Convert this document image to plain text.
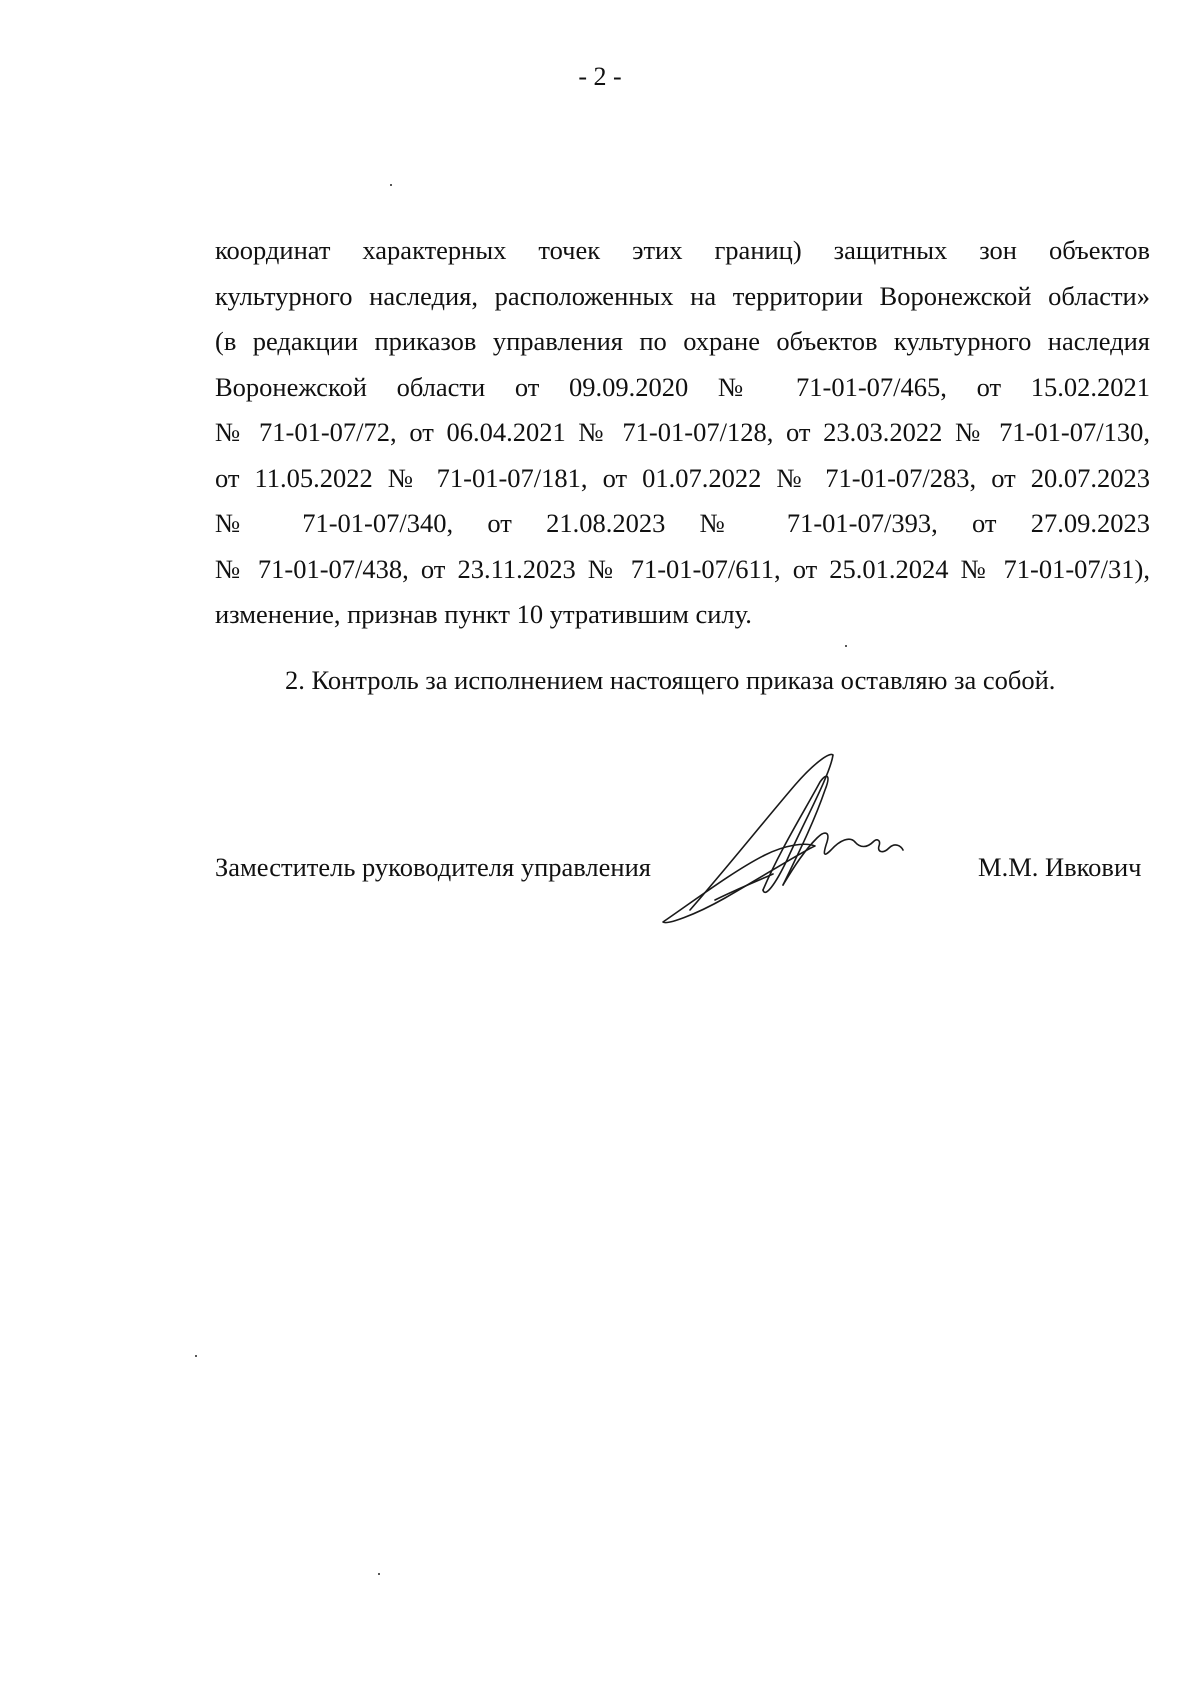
- 2 -
координат характерных точек этих границ) защитных зон объектов
культурного наследия, расположенных на территории Воронежской области»
(в редакции приказов управления по охране объектов культурного наследия
Воронежской области от 09.09.2020 № 71-01-07/465, от 15.02.2021
№ 71-01-07/72, от 06.04.2021 № 71-01-07/128, от 23.03.2022 № 71-01-07/130,
от 11.05.2022 № 71-01-07/181, от 01.07.2022 № 71-01-07/283, от 20.07.2023
№ 71-01-07/340, от 21.08.2023 № 71-01-07/393, от 27.09.2023
№ 71-01-07/438, от 23.11.2023 № 71-01-07/611, от 25.01.2024 № 71-01-07/31),
изменение, признав пункт 10 утратившим силу.
2. Контроль за исполнением настоящего приказа оставляю за собой.
Заместитель руководителя управления	М.М. Ивкович
